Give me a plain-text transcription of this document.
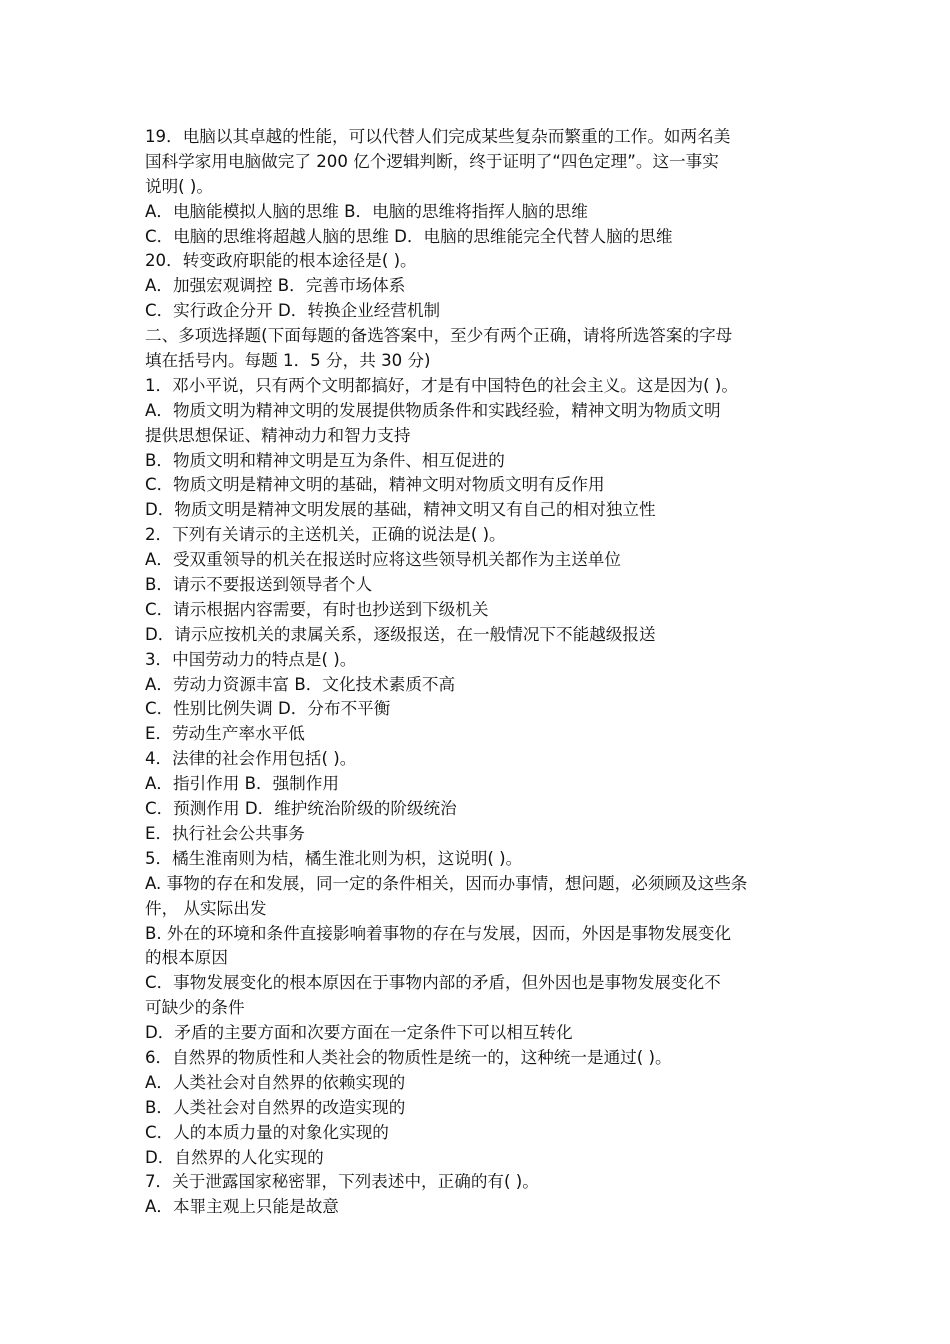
19．电脑以其卓越的性能，可以代替人们完成某些复杂而繁重的工作。如两名美
国科学家用电脑做完了 200 亿个逻辑判断，终于证明了“四色定理”。这一事实
说明( )。
A．电脑能模拟人脑的思维 B．电脑的思维将指挥人脑的思维
C．电脑的思维将超越人脑的思维 D．电脑的思维能完全代替人脑的思维
20．转变政府职能的根本途径是( )。
A．加强宏观调控 B．完善市场体系
C．实行政企分开 D．转换企业经营机制
二、多项选择题(下面每题的备选答案中，至少有两个正确，请将所选答案的字母
填在括号内。每题 1．5 分，共 30 分)
1．邓小平说，只有两个文明都搞好，才是有中国特色的社会主义。这是因为( )。
A．物质文明为精神文明的发展提供物质条件和实践经验，精神文明为物质文明
提供思想保证、精神动力和智力支持
B．物质文明和精神文明是互为条件、相互促进的
C．物质文明是精神文明的基础，精神文明对物质文明有反作用
D．物质文明是精神文明发展的基础，精神文明又有自己的相对独立性
2．下列有关请示的主送机关，正确的说法是( )。
A．受双重领导的机关在报送时应将这些领导机关都作为主送单位
B．请示不要报送到领导者个人
C．请示根据内容需要，有时也抄送到下级机关
D．请示应按机关的隶属关系，逐级报送，在一般情况下不能越级报送
3．中国劳动力的特点是( )。
A．劳动力资源丰富 B．文化技术素质不高
C．性别比例失调 D．分布不平衡
E．劳动生产率水平低
4．法律的社会作用包括( )。
A．指引作用 B．强制作用
C．预测作用 D．维护统治阶级的阶级统治
E．执行社会公共事务
5．橘生淮南则为桔，橘生淮北则为枳，这说明( )。
A. 事物的存在和发展，同一定的条件相关，因而办事情，想问题，必须顾及这些条
件， 从实际出发
B. 外在的环境和条件直接影响着事物的存在与发展，因而，外因是事物发展变化
的根本原因
C．事物发展变化的根本原因在于事物内部的矛盾，但外因也是事物发展变化不
可缺少的条件
D．矛盾的主要方面和次要方面在一定条件下可以相互转化
6．自然界的物质性和人类社会的物质性是统一的，这种统一是通过( )。
A．人类社会对自然界的依赖实现的
B．人类社会对自然界的改造实现的
C．人的本质力量的对象化实现的
D．自然界的人化实现的
7．关于泄露国家秘密罪，下列表述中，正确的有( )。
A．本罪主观上只能是故意
